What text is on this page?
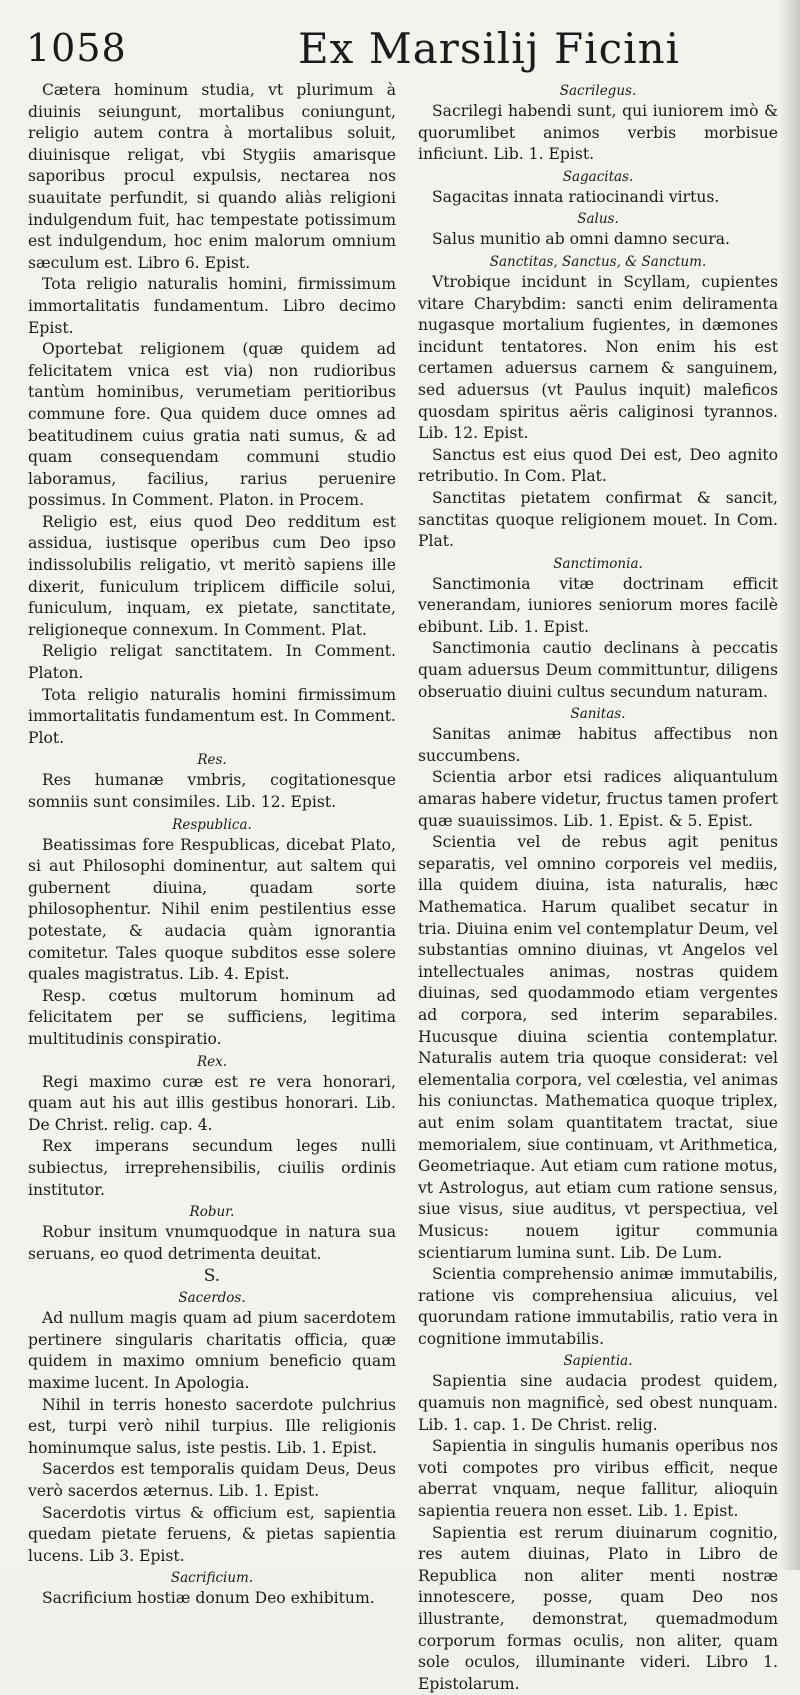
1058	Ex Marsilij Ficini

Cætera hominum studia, vt plurimum à diuinis seiungunt, mortalibus coniungunt, religio autem contra à mortalibus soluit, diuinisque religat, vbi Stygiis amarisque saporibus procul expulsis, nectarea nos suauitate perfundit, si quando aliàs religioni indulgendum fuit, hac tempestate potissimum est indulgendum, hoc enim malorum omnium sæculum est. Libro 6. Epist.

Tota religio naturalis homini, firmissimum immortalitatis fundamentum. Libro decimo Epist.

Oportebat religionem (quæ quidem ad felicitatem vnica est via) non rudioribus tantùm hominibus, verumetiam peritioribus commune fore. Qua quidem duce omnes ad beatitudinem cuius gratia nati sumus, & ad quam consequendam communi studio laboramus, facilius, rarius peruenire possimus. In Comment. Platon. in Procem.

Religio est, eius quod Deo redditum est assidua, iustisque operibus cum Deo ipso indissolubilis religatio, vt meritò sapiens ille dixerit, funiculum triplicem difficile solui, funiculum, inquam, ex pietate, sanctitate, religioneque connexum. In Comment. Plat.

Religio religat sanctitatem. In Comment. Platon.

Tota religio naturalis homini firmissimum immortalitatis fundamentum est. In Comment. Plot.

Res.

Res humanæ vmbris, cogitationesque somniis sunt consimiles. Lib. 12. Epist.

Respublica.

Beatissimas fore Respublicas, dicebat Plato, si aut Philosophi dominentur, aut saltem qui gubernent diuina, quadam sorte philosophentur. Nihil enim pestilentius esse potestate, & audacia quàm ignorantia comitetur. Tales quoque subditos esse solere quales magistratus. Lib. 4. Epist.

Resp. cœtus multorum hominum ad felicitatem per se sufficiens, legitima multitudinis conspiratio.

Rex.

Regi maximo curæ est re vera honorari, quam aut his aut illis gestibus honorari. Lib. De Christ. relig. cap. 4.

Rex imperans secundum leges nulli subiectus, irreprehensibilis, ciuilis ordinis institutor.

Robur.

Robur insitum vnumquodque in natura sua seruans, eo quod detrimenta deuitat.

S.

Sacerdos.

Ad nullum magis quam ad pium sacerdotem pertinere singularis charitatis officia, quæ quidem in maximo omnium beneficio quam maxime lucent. In Apologia.

Nihil in terris honesto sacerdote pulchrius est, turpi verò nihil turpius. Ille religionis hominumque salus, iste pestis. Lib. 1. Epist.

Sacerdos est temporalis quidam Deus, Deus verò sacerdos æternus. Lib. 1. Epist.

Sacerdotis virtus & officium est, sapientia quedam pietate feruens, & pietas sapientia lucens. Lib 3. Epist.

Sacrificium.

Sacrificium hostiæ donum Deo exhibitum.

Sacrilegus.

Sacrilegi habendi sunt, qui iuniorem imò & quorumlibet animos verbis morbisue inficiunt. Lib. 1. Epist.

Sagacitas.

Sagacitas innata ratiocinandi virtus.

Salus.

Salus munitio ab omni damno secura.

Sanctitas, Sanctus, & Sanctum.

Vtrobique incidunt in Scyllam, cupientes vitare Charybdim: sancti enim deliramenta nugasque mortalium fugientes, in dæmones incidunt tentatores. Non enim his est certamen aduersus carnem & sanguinem, sed aduersus (vt Paulus inquit) maleficos quosdam spiritus aëris caliginosi tyrannos. Lib. 12. Epist.

Sanctus est eius quod Dei est, Deo agnito retributio. In Com. Plat.

Sanctitas pietatem confirmat & sancit, sanctitas quoque religionem mouet. In Com. Plat.

Sanctimonia.

Sanctimonia vitæ doctrinam efficit venerandam, iuniores seniorum mores facilè ebibunt. Lib. 1. Epist.

Sanctimonia cautio declinans à peccatis quam aduersus Deum committuntur, diligens obseruatio diuini cultus secundum naturam.

Sanitas.

Sanitas animæ habitus affectibus non succumbens.

Scientia arbor etsi radices aliquantulum amaras habere videtur, fructus tamen profert quæ suauissimos. Lib. 1. Epist. & 5. Epist.

Scientia vel de rebus agit penitus separatis, vel omnino corporeis vel mediis, illa quidem diuina, ista naturalis, hæc Mathematica. Harum qualibet secatur in tria. Diuina enim vel contemplatur Deum, vel substantias omnino diuinas, vt Angelos vel intellectuales animas, nostras quidem diuinas, sed quodammodo etiam vergentes ad corpora, sed interim separabiles. Hucusque diuina scientia contemplatur. Naturalis autem tria quoque considerat: vel elementalia corpora, vel cœlestia, vel animas his coniunctas. Mathematica quoque triplex, aut enim solam quantitatem tractat, siue memorialem, siue continuam, vt Arithmetica, Geometriaque. Aut etiam cum ratione motus, vt Astrologus, aut etiam cum ratione sensus, siue visus, siue auditus, vt perspectiua, vel Musicus: nouem igitur communia scientiarum lumina sunt. Lib. De Lum.

Scientia comprehensio animæ immutabilis, ratione vis comprehensiua alicuius, vel quorundam ratione immutabilis, ratio vera in cognitione immutabilis.

Sapientia.

Sapientia sine audacia prodest quidem, quamuis non magnificè, sed obest nunquam. Lib. 1. cap. 1. De Christ. relig.

Sapientia in singulis humanis operibus nos voti compotes pro viribus efficit, neque aberrat vnquam, neque fallitur, alioquin sapientia reuera non esset. Lib. 1. Epist.

Sapientia est rerum diuinarum cognitio, res autem diuinas, Plato in Libro de Republica non aliter menti nostræ innotescere, posse, quam Deo nos illustrante, demonstrat, quemadmodum corporum formas oculis, non aliter, quam sole oculos, illuminante videri. Libro 1. Epistolarum.
